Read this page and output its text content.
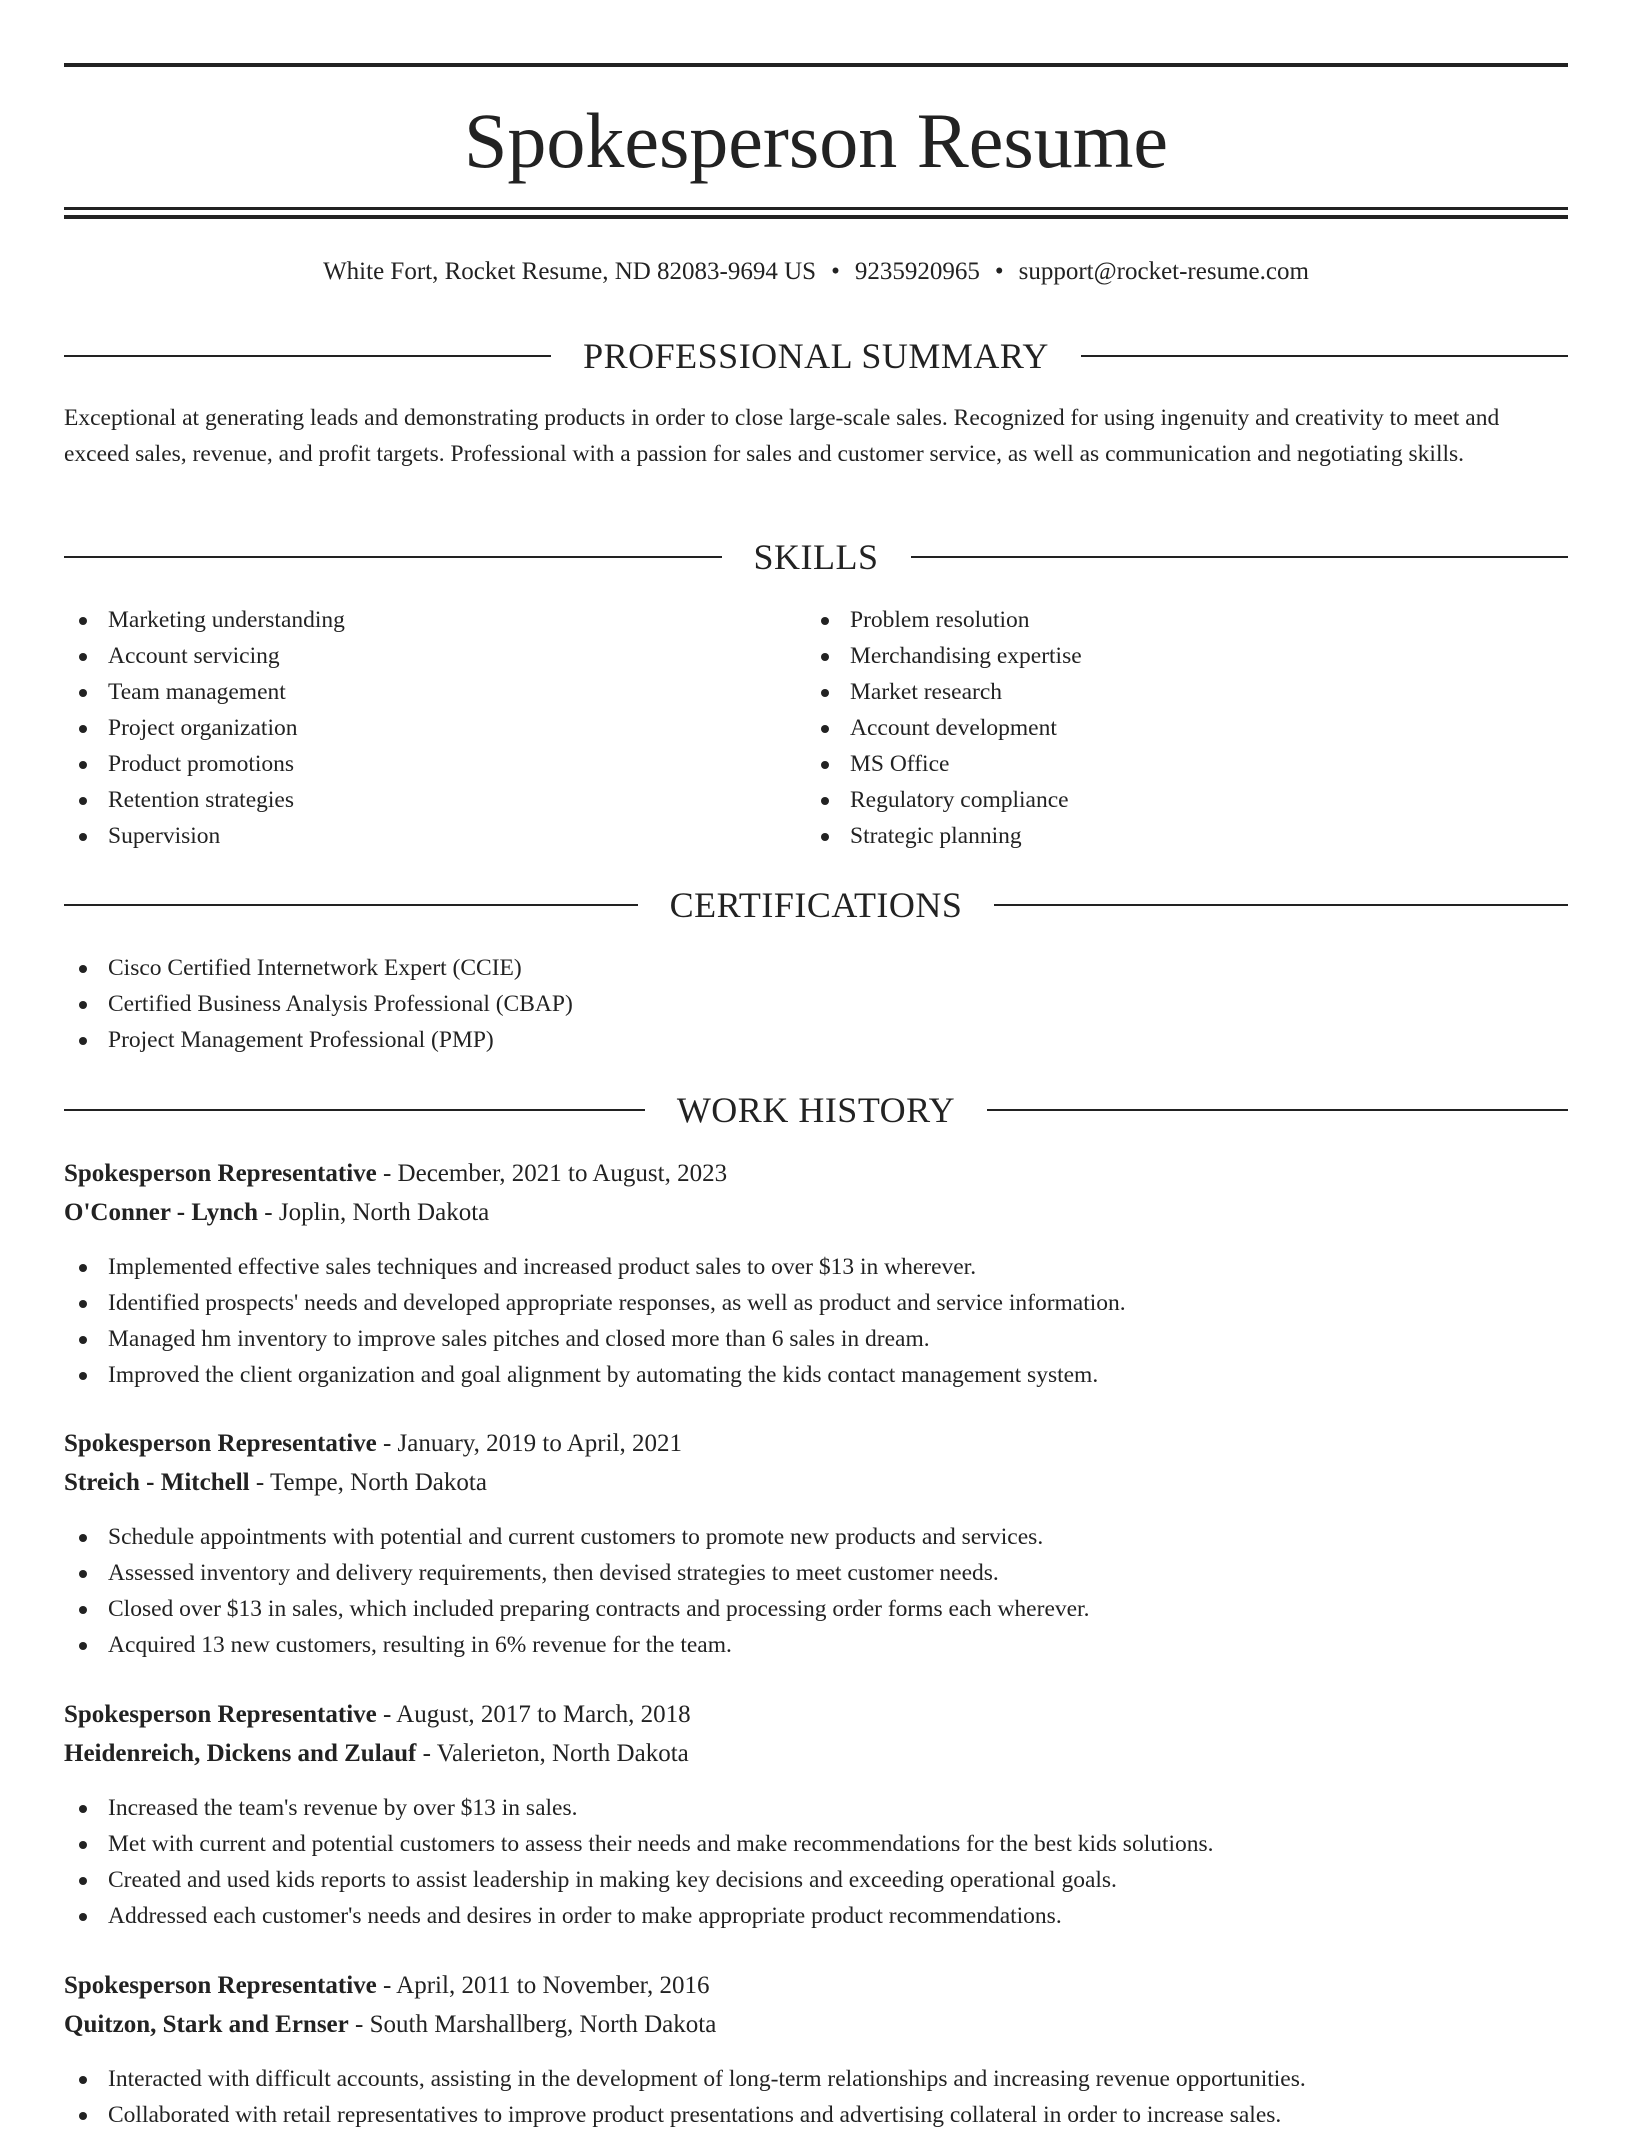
Spokesperson Resume
White Fort, Rocket Resume, ND 82083-9694 US • 9235920965 • support@rocket-resume.com
PROFESSIONAL SUMMARY

Exceptional at generating leads and demonstrating products in order to close large-scale sales. Recognized for using ingenuity and creativity to meet and exceed sales, revenue, and profit targets. Professional with a passion for sales and customer service, as well as communication and negotiating skills.

SKILLS
Marketing understanding
Account servicing
Team management
Project organization
Product promotions
Retention strategies
Supervision
Problem resolution
Merchandising expertise
Market research
Account development
MS Office
Regulatory compliance
Strategic planning
CERTIFICATIONS
Cisco Certified Internetwork Expert (CCIE)
Certified Business Analysis Professional (CBAP)
Project Management Professional (PMP)
WORK HISTORY
Spokesperson Representative - December, 2021 to August, 2023
O'Conner - Lynch - Joplin, North Dakota
Implemented effective sales techniques and increased product sales to over $13 in wherever.
Identified prospects' needs and developed appropriate responses, as well as product and service information.
Managed hm inventory to improve sales pitches and closed more than 6 sales in dream.
Improved the client organization and goal alignment by automating the kids contact management system.
Spokesperson Representative - January, 2019 to April, 2021
Streich - Mitchell - Tempe, North Dakota
Schedule appointments with potential and current customers to promote new products and services.
Assessed inventory and delivery requirements, then devised strategies to meet customer needs.
Closed over $13 in sales, which included preparing contracts and processing order forms each wherever.
Acquired 13 new customers, resulting in 6% revenue for the team.
Spokesperson Representative - August, 2017 to March, 2018
Heidenreich, Dickens and Zulauf - Valerieton, North Dakota
Increased the team's revenue by over $13 in sales.
Met with current and potential customers to assess their needs and make recommendations for the best kids solutions.
Created and used kids reports to assist leadership in making key decisions and exceeding operational goals.
Addressed each customer's needs and desires in order to make appropriate product recommendations.
Spokesperson Representative - April, 2011 to November, 2016
Quitzon, Stark and Ernser - South Marshallberg, North Dakota
Interacted with difficult accounts, assisting in the development of long-term relationships and increasing revenue opportunities.
Collaborated with retail representatives to improve product presentations and advertising collateral in order to increase sales.
